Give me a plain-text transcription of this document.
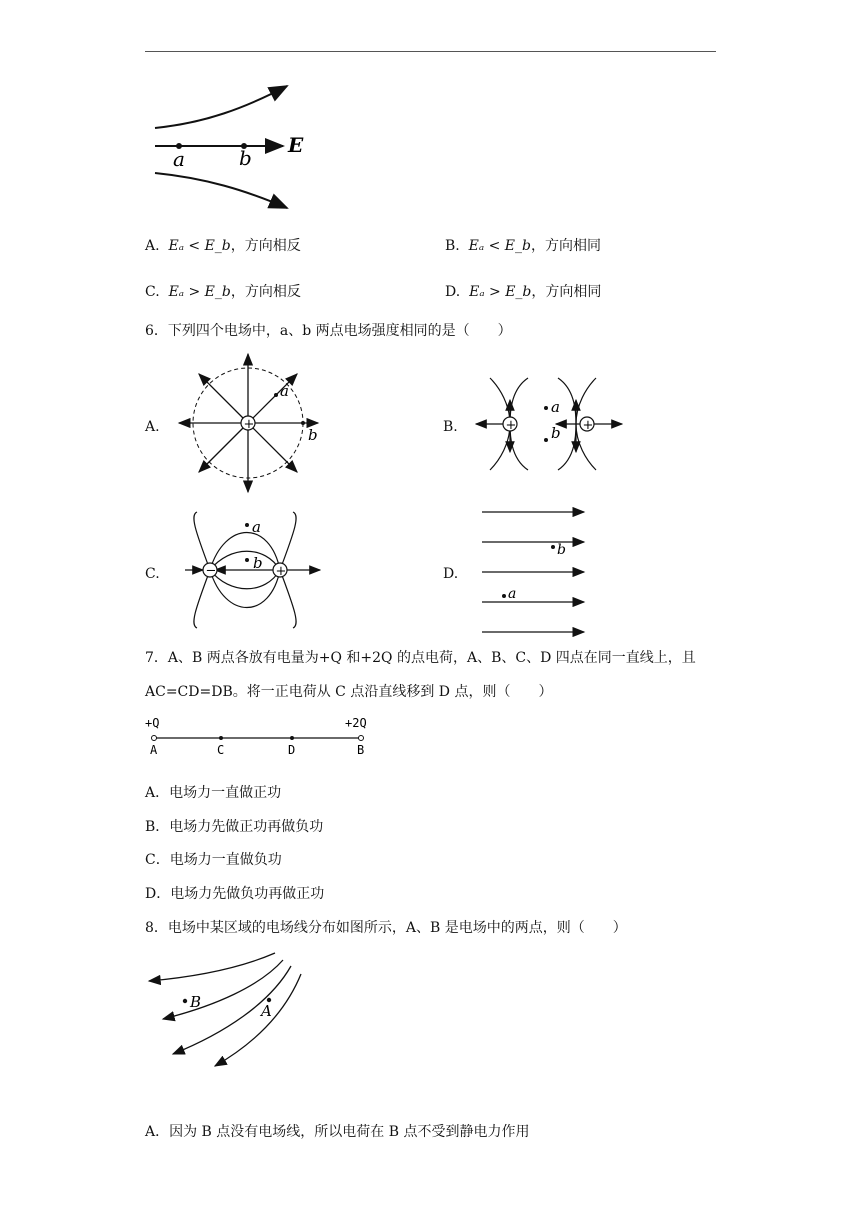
a	b
E
A. Eₐ < E_b，方向相反	B. Eₐ < E_b，方向相同
C. Eₐ > E_b，方向相反	D. Eₐ > E_b，方向相同
6．下列四个电场中，a、b 两点电场强度相同的是（　　）
A.	B.
C.	D.
+
a
b
+	+
a
b
−	+
a
b
b
a
7．A、B 两点各放有电量为+Q 和+2Q 的点电荷，A、B、C、D 四点在同一直线上，且
AC=CD=DB。将一正电荷从 C 点沿直线移到 D 点，则（　　）
+Q	+2Q
A	C	D	B
A．电场力一直做正功
B．电场力先做正功再做负功
C．电场力一直做负功
D．电场力先做负功再做正功
8．电场中某区域的电场线分布如图所示，A、B 是电场中的两点，则（　　）
B	A
A．因为 B 点没有电场线，所以电荷在 B 点不受到静电力作用
